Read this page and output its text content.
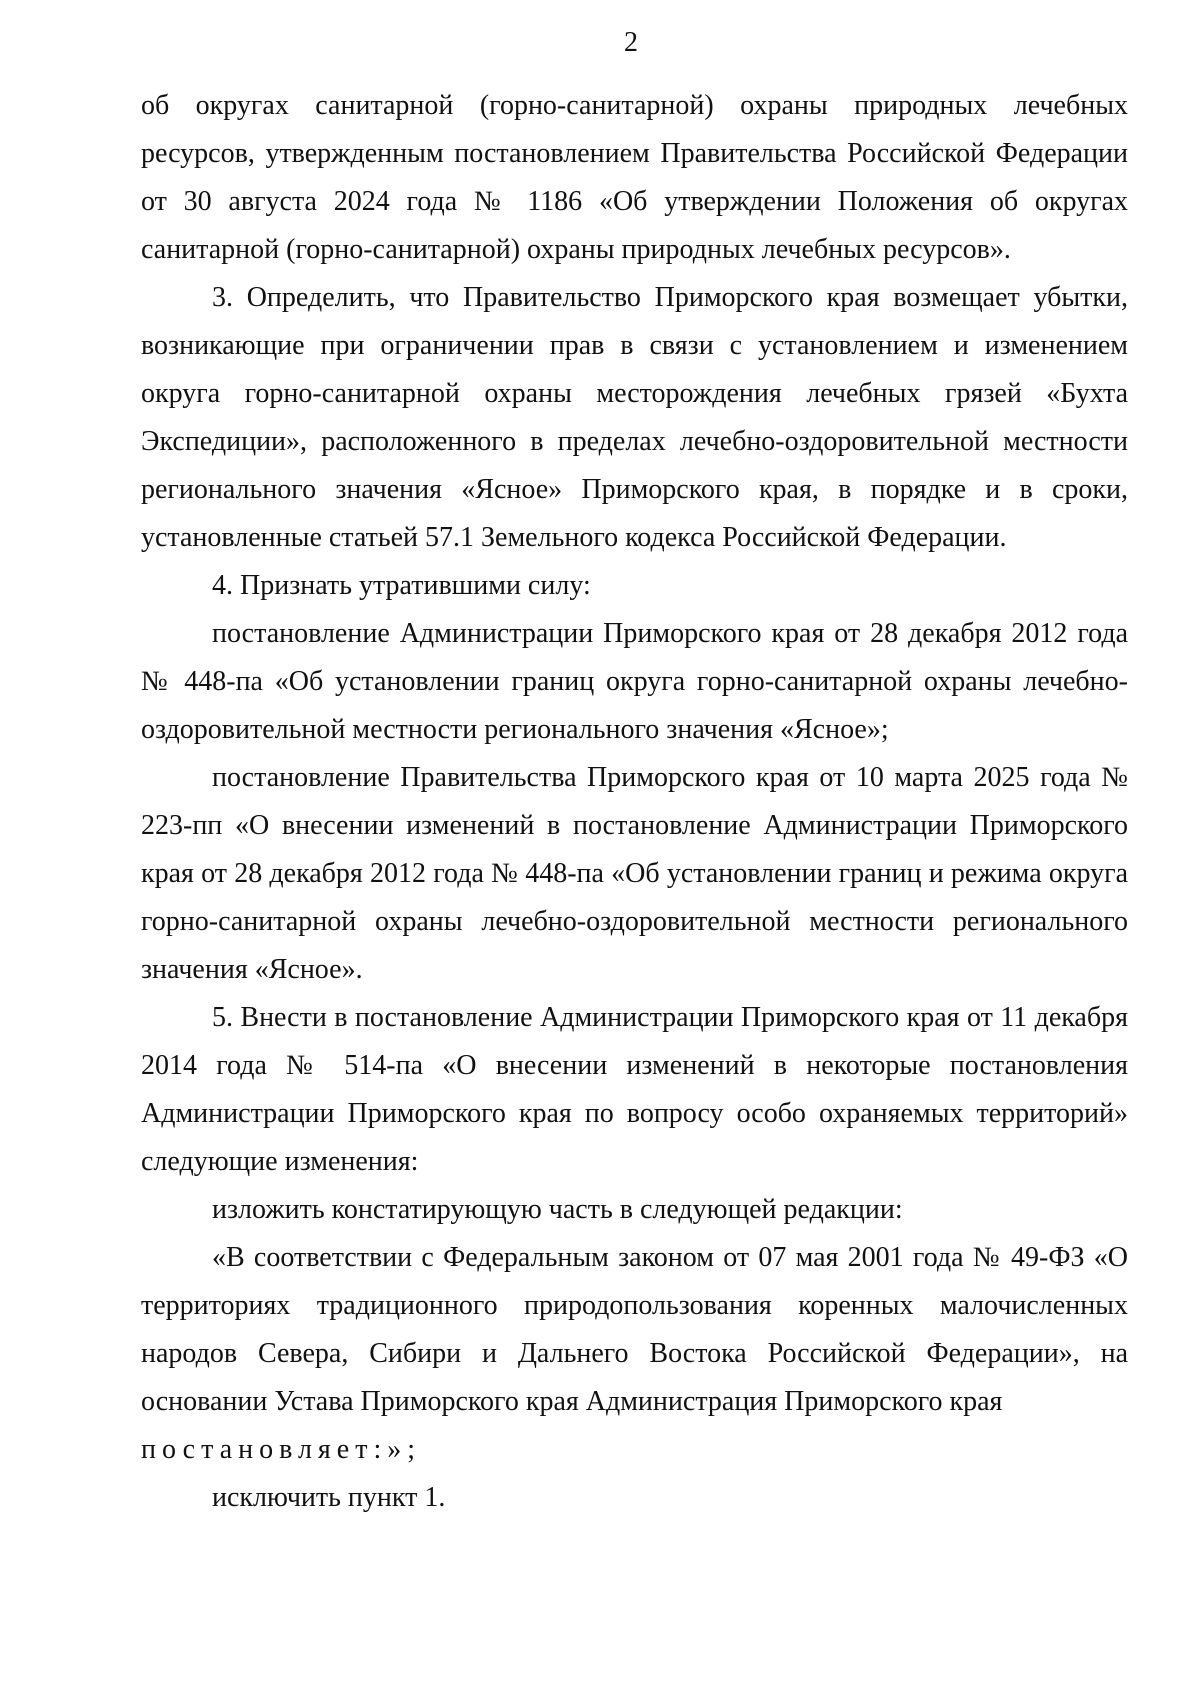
2

об округах санитарной (горно-санитарной) охраны природных лечебных ресурсов, утвержденным постановлением Правительства Российской Федерации от 30 августа 2024 года № 1186 «Об утверждении Положения об округах санитарной (горно-санитарной) охраны природных лечебных ресурсов».

3. Определить, что Правительство Приморского края возмещает убытки, возникающие при ограничении прав в связи с установлением и изменением округа горно-санитарной охраны месторождения лечебных грязей «Бухта Экспедиции», расположенного в пределах лечебно-оздоровительной местности регионального значения «Ясное» Приморского края, в порядке и в сроки, установленные статьей 57.1 Земельного кодекса Российской Федерации.

4. Признать утратившими силу:

постановление Администрации Приморского края от 28 декабря 2012 года № 448-па «Об установлении границ округа горно-санитарной охраны лечебно-оздоровительной местности регионального значения «Ясное»;

постановление Правительства Приморского края от 10 марта 2025 года № 223-пп «О внесении изменений в постановление Администрации Приморского края от 28 декабря 2012 года № 448-па «Об установлении границ и режима округа горно-санитарной охраны лечебно-оздоровительной местности регионального значения «Ясное».

5. Внести в постановление Администрации Приморского края от 11 декабря 2014 года № 514-па «О внесении изменений в некоторые постановления Администрации Приморского края по вопросу особо охраняемых территорий» следующие изменения:

изложить констатирующую часть в следующей редакции:

«В соответствии с Федеральным законом от 07 мая 2001 года № 49-ФЗ «О территориях традиционного природопользования коренных малочисленных народов Севера, Сибири и Дальнего Востока Российской Федерации», на основании Устава Приморского края Администрация Приморского края

постановляет:»;

исключить пункт 1.
